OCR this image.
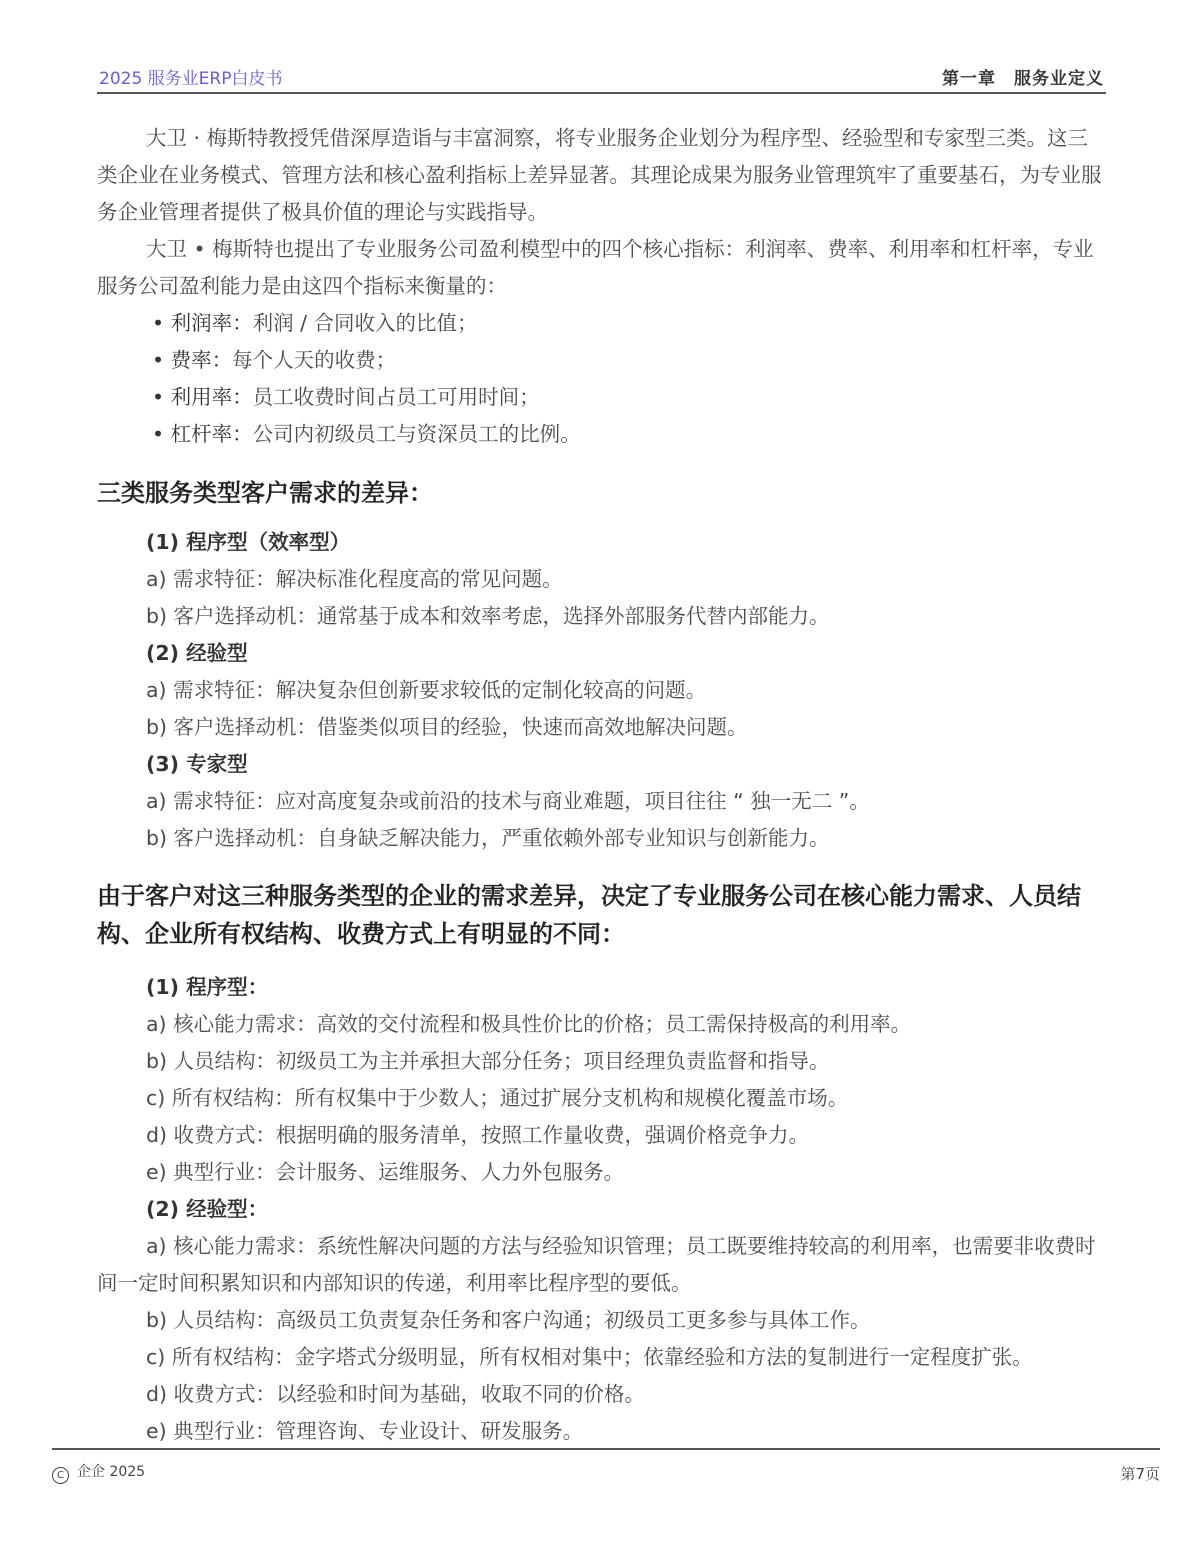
2025 服务业ERP白皮书	第一章　服务业定义

大卫 · 梅斯特教授凭借深厚造诣与丰富洞察，将专业服务企业划分为程序型、经验型和专家型三类。这三类企业在业务模式、管理方法和核心盈利指标上差异显著。其理论成果为服务业管理筑牢了重要基石，为专业服务企业管理者提供了极具价值的理论与实践指导。

大卫 • 梅斯特也提出了专业服务公司盈利模型中的四个核心指标：利润率、费率、利用率和杠杆率，专业服务公司盈利能力是由这四个指标来衡量的：

• 利润率：利润 / 合同收入的比值；

• 费率：每个人天的收费；

• 利用率：员工收费时间占员工可用时间；

• 杠杆率：公司内初级员工与资深员工的比例。

三类服务类型客户需求的差异：

(1) 程序型（效率型）

a) 需求特征：解决标准化程度高的常见问题。

b) 客户选择动机：通常基于成本和效率考虑，选择外部服务代替内部能力。

(2) 经验型

a) 需求特征：解决复杂但创新要求较低的定制化较高的问题。

b) 客户选择动机：借鉴类似项目的经验，快速而高效地解决问题。

(3) 专家型

a) 需求特征：应对高度复杂或前沿的技术与商业难题，项目往往 “ 独一无二 ”。

b) 客户选择动机：自身缺乏解决能力，严重依赖外部专业知识与创新能力。

由于客户对这三种服务类型的企业的需求差异，决定了专业服务公司在核心能力需求、人员结构、企业所有权结构、收费方式上有明显的不同：

(1) 程序型：

a) 核心能力需求：高效的交付流程和极具性价比的价格；员工需保持极高的利用率。

b) 人员结构：初级员工为主并承担大部分任务；项目经理负责监督和指导。

c) 所有权结构：所有权集中于少数人；通过扩展分支机构和规模化覆盖市场。

d) 收费方式：根据明确的服务清单，按照工作量收费，强调价格竞争力。

e) 典型行业：会计服务、运维服务、人力外包服务。

(2) 经验型：

a) 核心能力需求：系统性解决问题的方法与经验知识管理；员工既要维持较高的利用率，也需要非收费时间一定时间积累知识和内部知识的传递，利用率比程序型的要低。

b) 人员结构：高级员工负责复杂任务和客户沟通；初级员工更多参与具体工作。

c) 所有权结构：金字塔式分级明显，所有权相对集中；依靠经验和方法的复制进行一定程度扩张。

d) 收费方式：以经验和时间为基础，收取不同的价格。

e) 典型行业：管理咨询、专业设计、研发服务。

C 企企 2025	第7页
